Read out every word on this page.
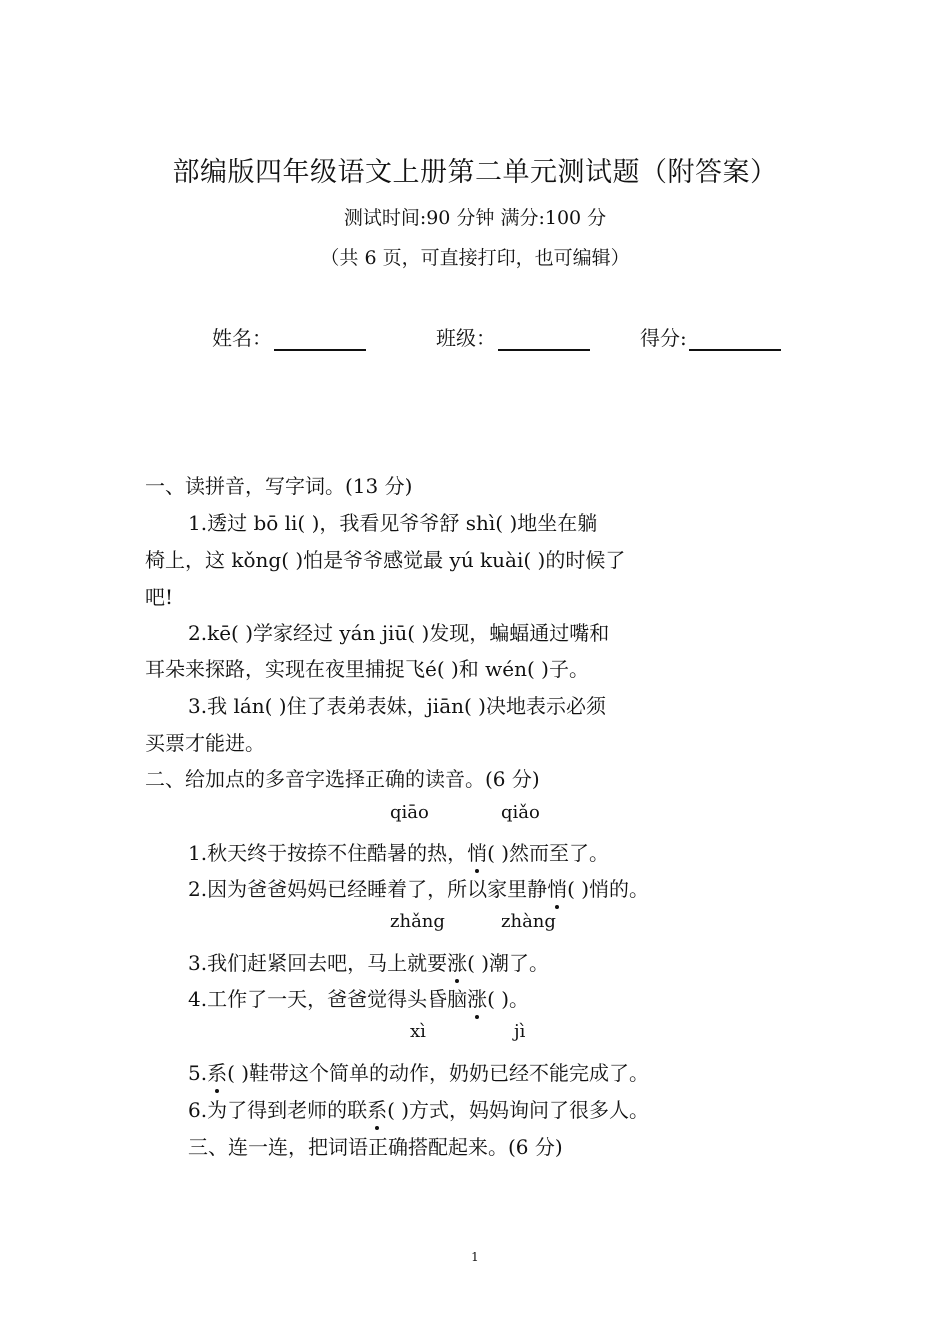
部编版四年级语文上册第二单元测试题（附答案）
测试时间:90 分钟 满分:100 分
（共 6 页，可直接打印，也可编辑）
姓名：	班级：	得分:
一、读拼音，写字词。(13 分)
1.透过 bō li( )，我看见爷爷舒 shì( )地坐在躺
椅上，这 kǒng( )怕是爷爷感觉最 yú kuài( )的时候了
吧!
2.kē( )学家经过 yán jiū( )发现，蝙蝠通过嘴和
耳朵来探路，实现在夜里捕捉飞é( )和 wén( )子。
3.我 lán( )住了表弟表妹，jiān( )决地表示必须
买票才能进。
二、给加点的多音字选择正确的读音。(6 分)
qiāo	qiǎo
1.秋天终于按捺不住酷暑的热，悄( )然而至了。
2.因为爸爸妈妈已经睡着了，所以家里静悄( )悄的。
zhǎng	zhàng
3.我们赶紧回去吧，马上就要涨( )潮了。
4.工作了一天，爸爸觉得头昏脑涨( )。
xì	jì
5.系( )鞋带这个简单的动作，奶奶已经不能完成了。
6.为了得到老师的联系( )方式，妈妈询问了很多人。
三、连一连，把词语正确搭配起来。(6 分)
1
